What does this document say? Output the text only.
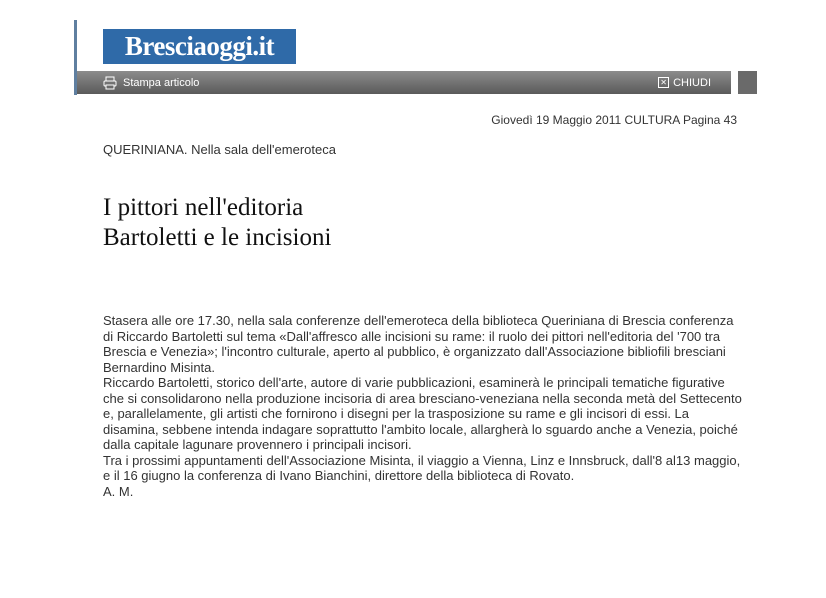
Bresciaoggi.it
Stampa articolo	✕ CHIUDI
Giovedì 19 Maggio 2011 CULTURA Pagina 43
QUERINIANA. Nella sala dell'emeroteca
I pittori nell'editoria
Bartoletti e le incisioni

Stasera alle ore 17.30, nella sala conferenze dell'emeroteca della biblioteca Queriniana di Brescia conferenza di Riccardo Bartoletti sul tema «Dall'affresco alle incisioni su rame: il ruolo dei pittori nell'editoria del '700 tra Brescia e Venezia»; l'incontro culturale, aperto al pubblico, è organizzato dall'Associazione bibliofili bresciani Bernardino Misinta.

Riccardo Bartoletti, storico dell'arte, autore di varie pubblicazioni, esaminerà le principali tematiche figurative che si consolidarono nella produzione incisoria di area bresciano-veneziana nella seconda metà del Settecento e, parallelamente, gli artisti che fornirono i disegni per la trasposizione su rame e gli incisori di essi. La disamina, sebbene intenda indagare soprattutto l'ambito locale, allargherà lo sguardo anche a Venezia, poiché dalla capitale lagunare provennero i principali incisori.

Tra i prossimi appuntamenti dell'Associazione Misinta, il viaggio a Vienna, Linz e Innsbruck, dall'8 al13 maggio, e il 16 giugno la conferenza di Ivano Bianchini, direttore della biblioteca di Rovato.

A. M.
